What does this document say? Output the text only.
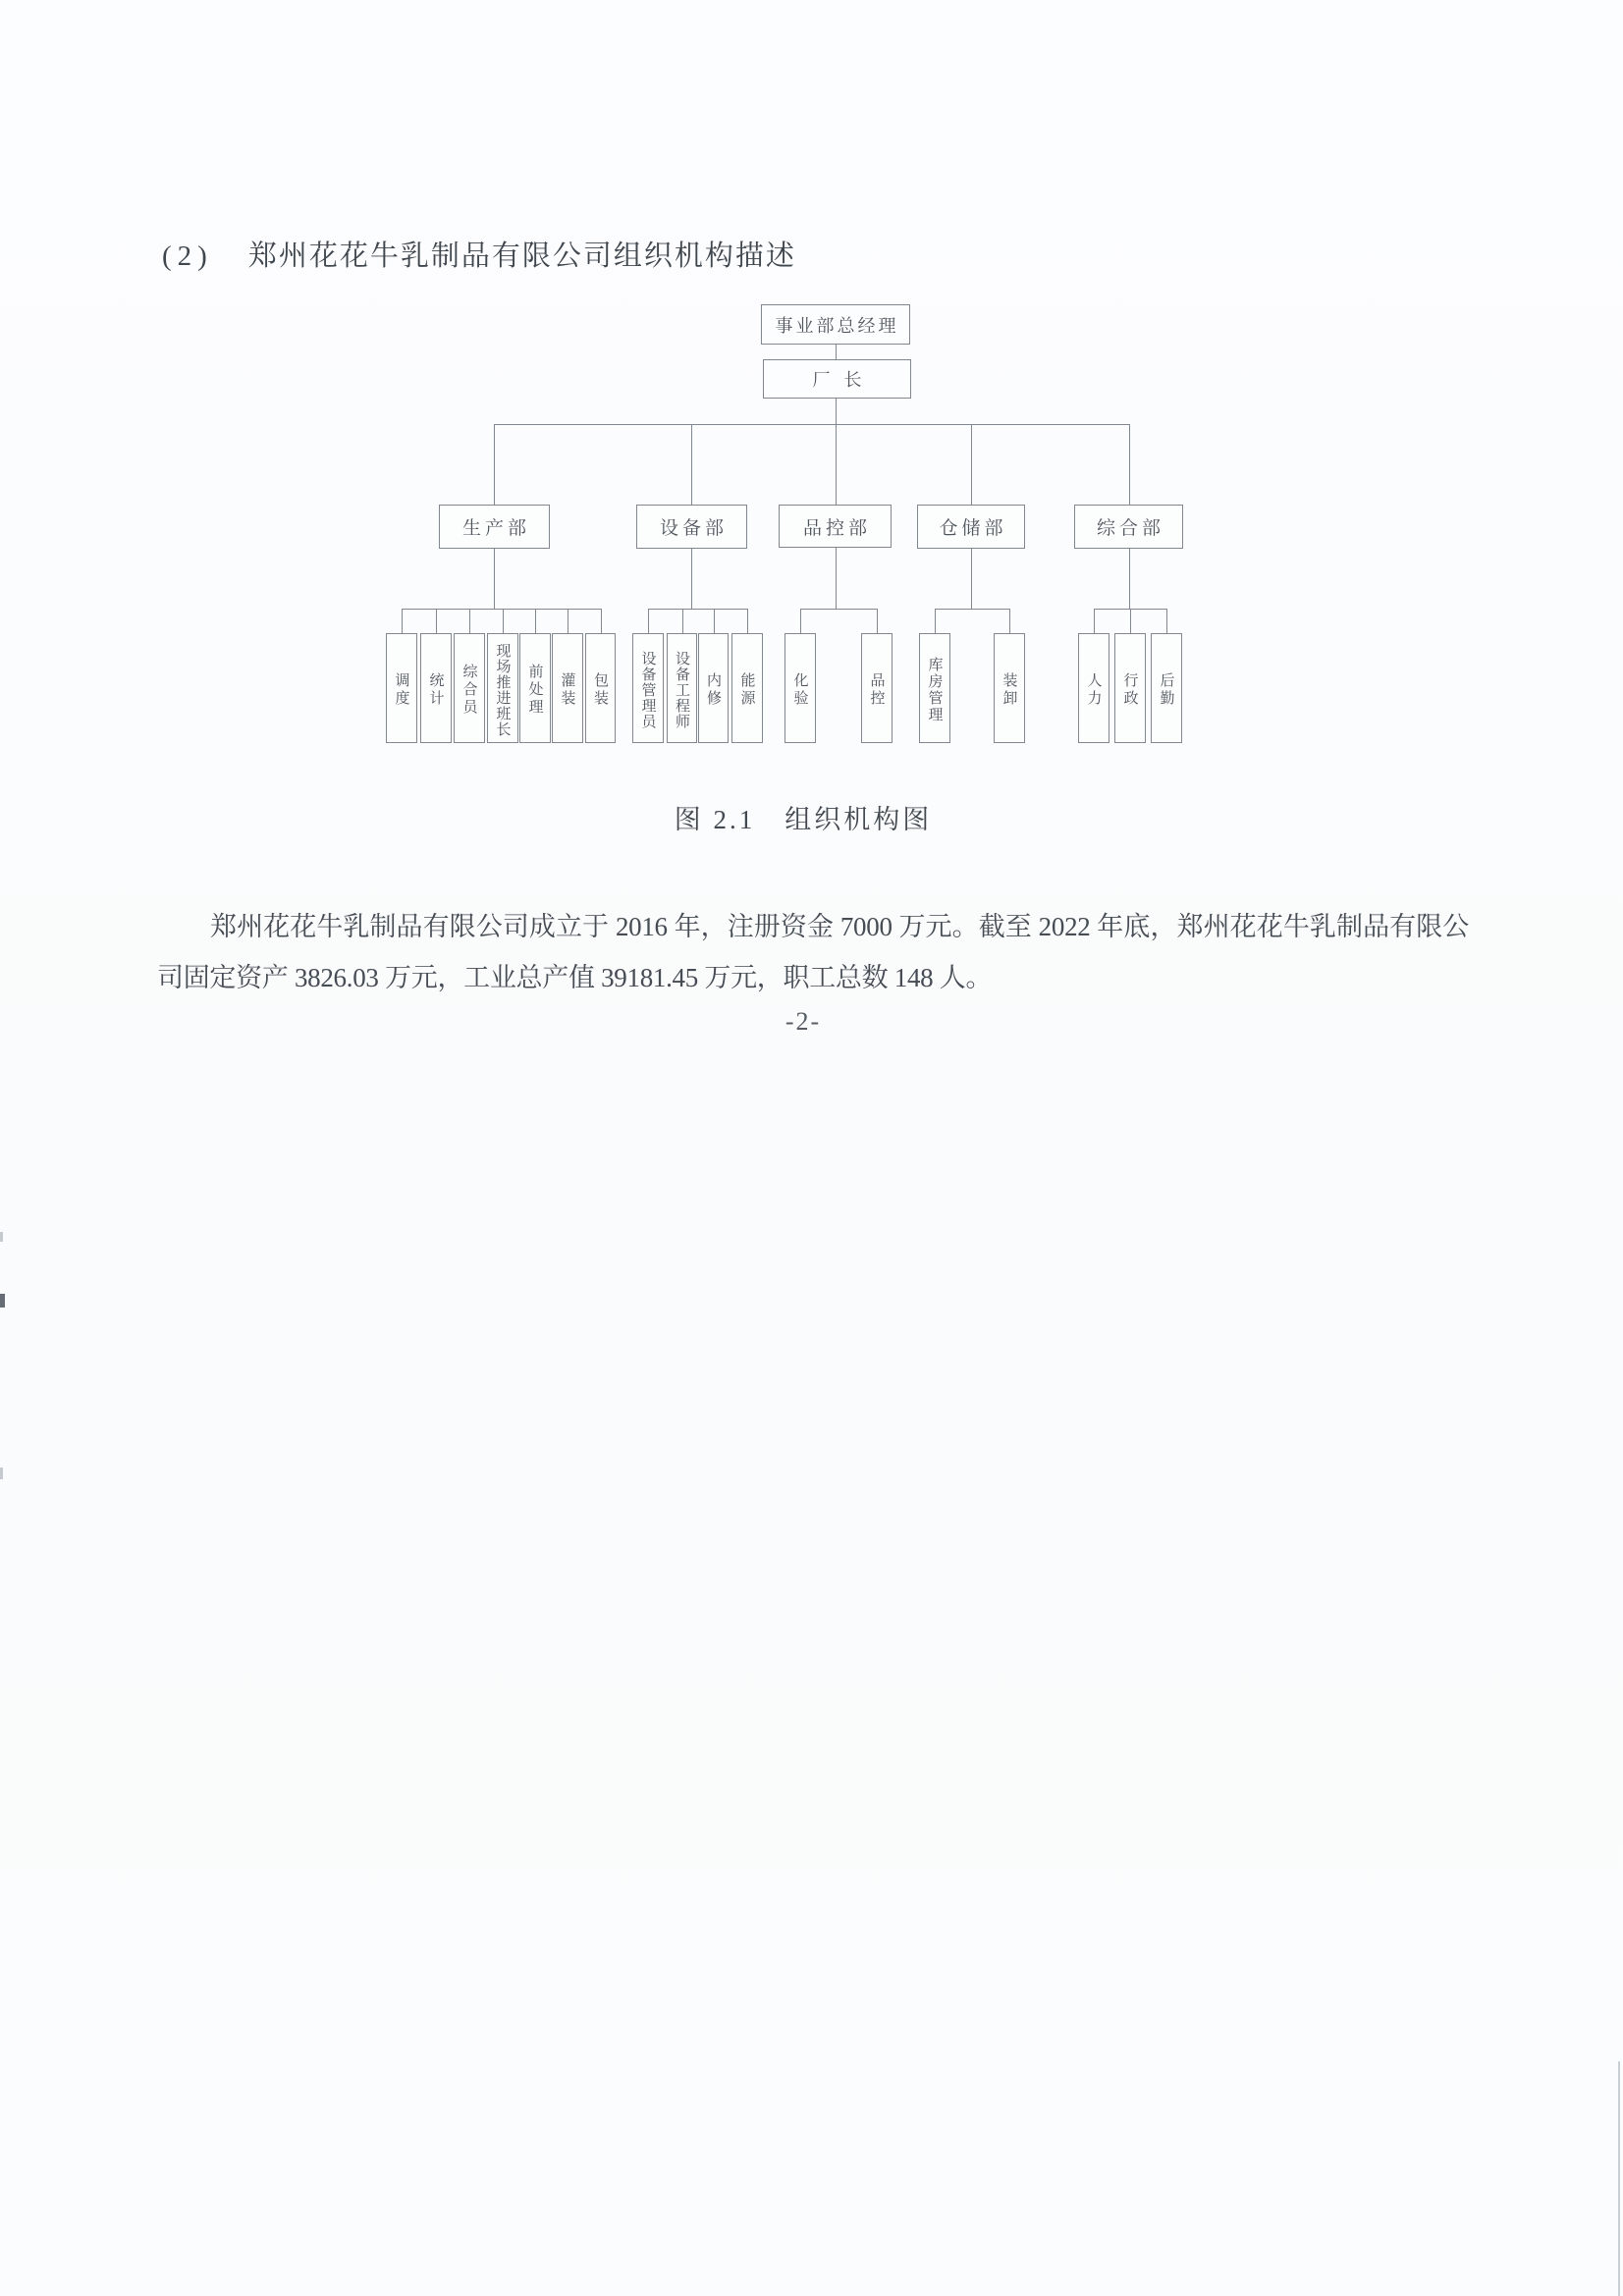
(2) 郑州花花牛乳制品有限公司组织机构描述
事业部总经理
厂长
生产部	设备部	品控部	仓储部	综合部
调度	统计	综合员	现场推进班长	前处理	灌装	包装	设备管理员	设备工程师	内修	能源	化验	品控	库房管理	装卸	人力	行政	后勤
图 2.1　组织机构图

郑州花花牛乳制品有限公司成立于 2016 年，注册资金 7000 万元。截至 2022 年底，郑州花花牛乳制品有限公司固定资产 3826.03 万元，工业总产值 39181.45 万元，职工总数 148 人。

-2-
